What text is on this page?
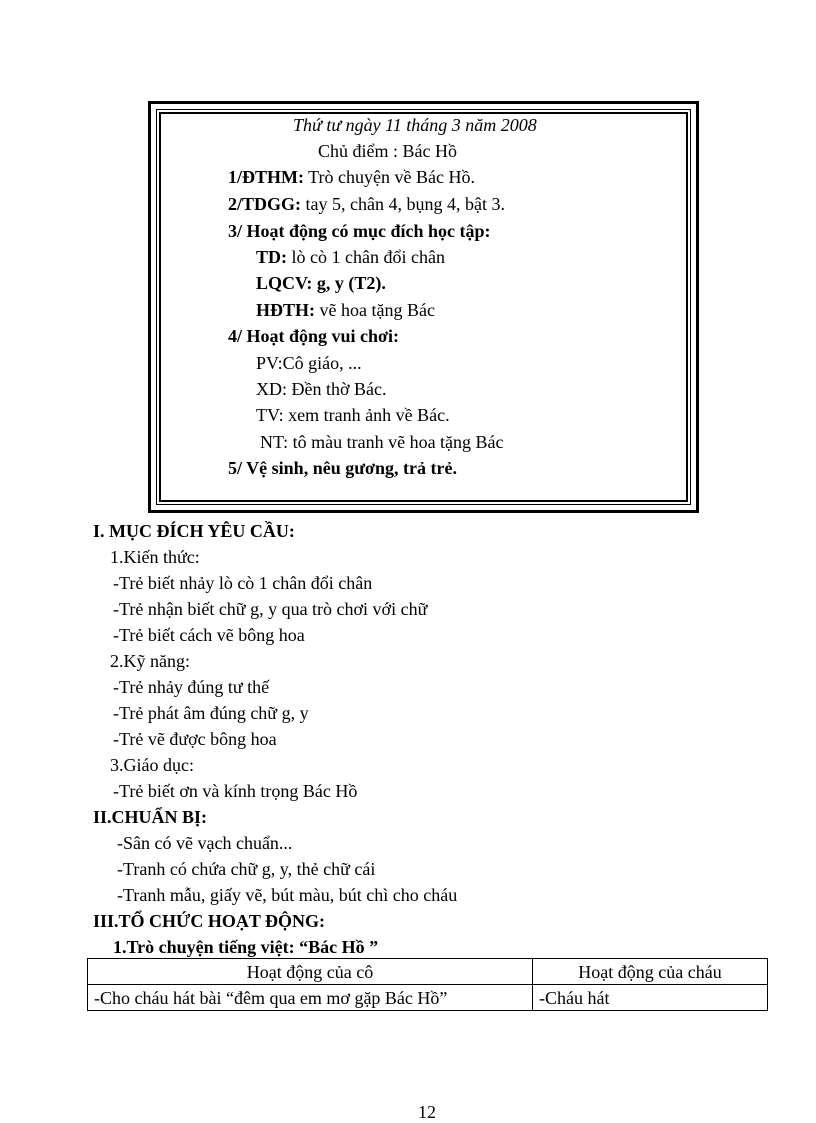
Thứ tư ngày 11 tháng 3 năm 2008
Chủ điểm : Bác Hồ
1/ĐTHM: Trò chuyện về Bác Hồ.
2/TDGG: tay 5, chân 4, bụng 4, bật 3.
3/ Hoạt động có mục đích học tập:
TD: lò cò 1 chân đổi chân
LQCV: g, y (T2).
HĐTH: vẽ hoa tặng Bác
4/ Hoạt động vui chơi:
PV:Cô giáo, ...
XD: Đền thờ Bác.
TV: xem tranh ảnh về Bác.
NT: tô màu tranh vẽ hoa tặng Bác
5/ Vệ sinh, nêu gương, trả trẻ.
I. MỤC ĐÍCH YÊU CẦU:
1.Kiến thức:
-Trẻ biết nhảy lò cò 1 chân đổi chân
-Trẻ nhận biết chữ g, y qua trò chơi với chữ
-Trẻ biết cách vẽ bông hoa
2.Kỹ năng:
-Trẻ nhảy đúng tư thế
-Trẻ phát âm đúng chữ g, y
-Trẻ vẽ được bông hoa
3.Giáo dục:
-Trẻ biết ơn và kính trọng Bác Hồ
II.CHUẨN BỊ:
-Sân có vẽ vạch chuẩn...
-Tranh có chứa chữ g, y, thẻ chữ cái
-Tranh mẫu, giấy vẽ, bút màu, bút chì cho cháu
III.TỔ CHỨC HOẠT ĐỘNG:
1.Trò chuyện tiếng việt: “Bác Hồ ”
Hoạt động của cô	Hoạt động của cháu
-Cho cháu hát bài “đêm qua em mơ gặp Bác Hồ”	-Cháu hát
12
